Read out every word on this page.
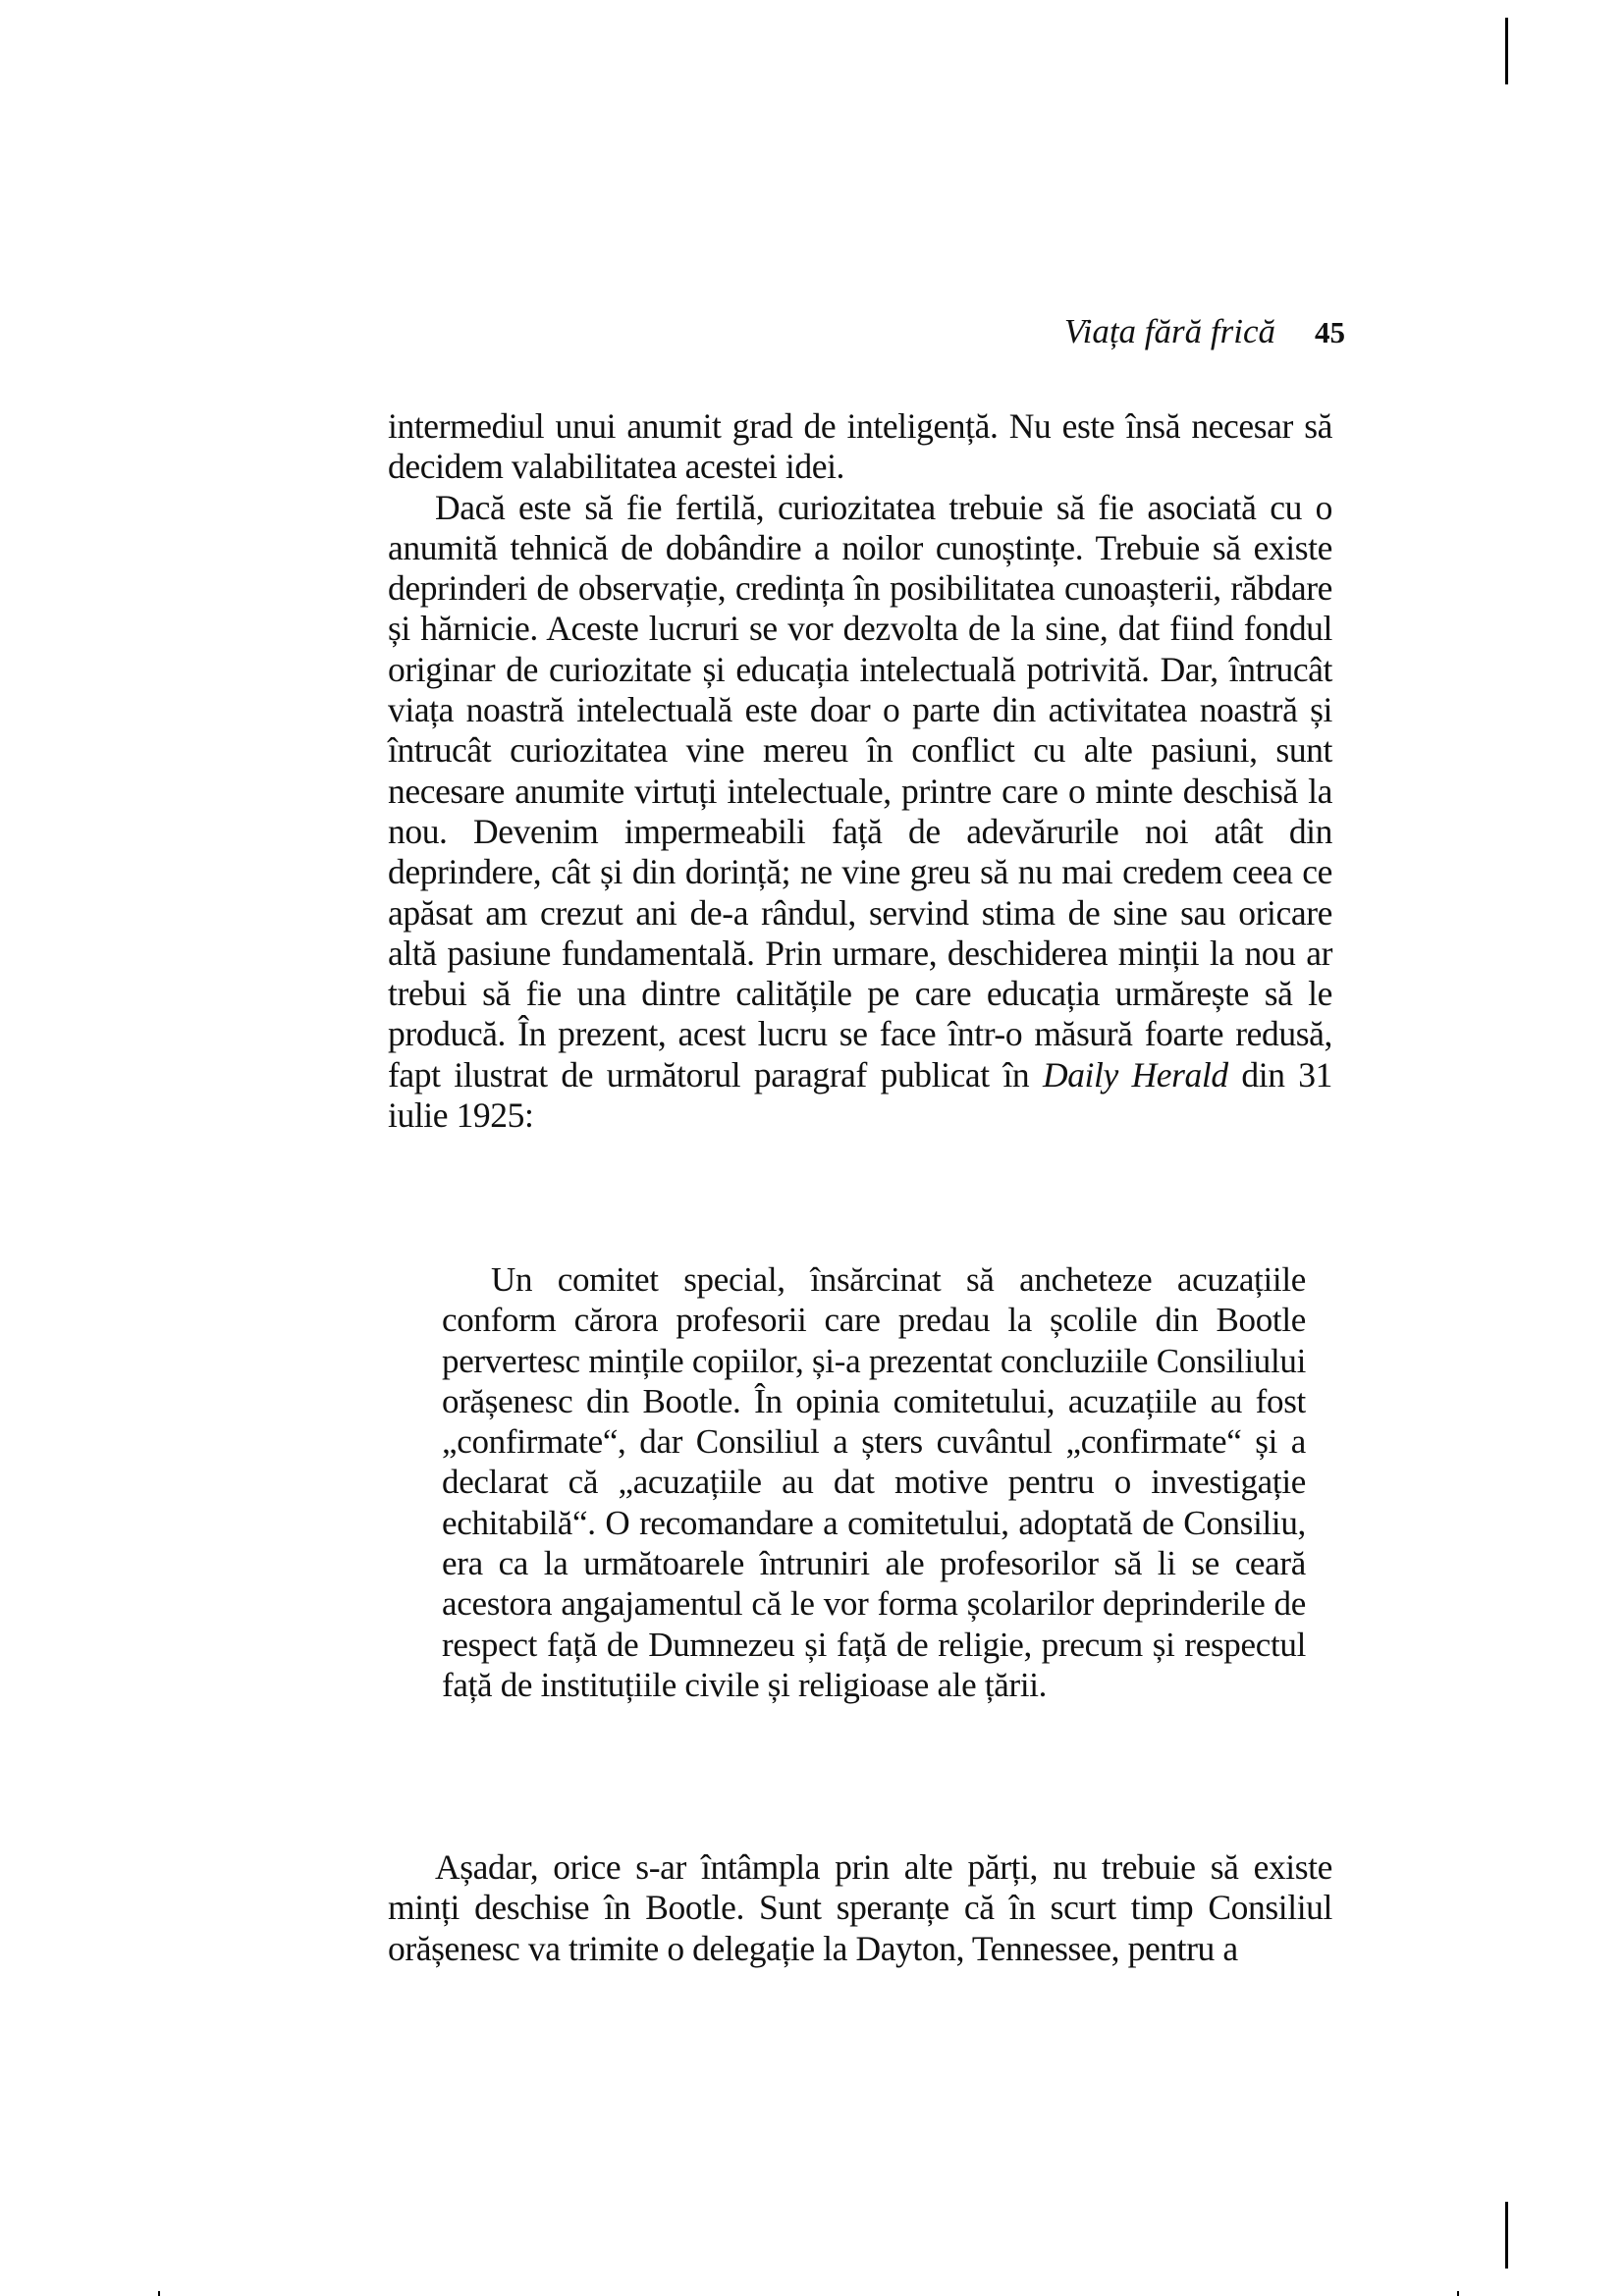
Viața fără frică 45

intermediul unui anumit grad de inteligență. Nu este însă necesar să decidem valabilitatea acestei idei.

Dacă este să fie fertilă, curiozitatea trebuie să fie asociată cu o anumită tehnică de dobândire a noilor cunoștințe. Trebuie să existe deprinderi de observație, credința în posibilitatea cunoașterii, răbdare și hărnicie. Aceste lucruri se vor dezvolta de la sine, dat fiind fondul originar de curiozitate și educația intelectuală potrivită. Dar, întrucât viața noastră intelectuală este doar o parte din activitatea noastră și întrucât curiozitatea vine mereu în conflict cu alte pasiuni, sunt necesare anumite virtuți intelectuale, printre care o minte deschisă la nou. Devenim impermeabili față de adevărurile noi atât din deprindere, cât și din dorință; ne vine greu să nu mai credem ceea ce apăsat am crezut ani de-a rândul, servind stima de sine sau oricare altă pasiune fundamentală. Prin urmare, deschiderea minții la nou ar trebui să fie una dintre calitățile pe care educația urmărește să le producă. În prezent, acest lucru se face într-o măsură foarte redusă, fapt ilustrat de următorul paragraf publicat în Daily Herald din 31 iulie 1925:

Un comitet special, însărcinat să ancheteze acuzațiile conform cărora profesorii care predau la școlile din Bootle pervertesc mințile copiilor, și-a prezentat concluziile Consiliului orășenesc din Bootle. În opinia comitetului, acuzațiile au fost „confirmate“, dar Consiliul a șters cuvântul „confirmate“ și a declarat că „acuzațiile au dat motive pentru o investigație echitabilă“. O recomandare a comitetului, adoptată de Consiliu, era ca la următoarele întruniri ale profesorilor să li se ceară acestora angajamentul că le vor forma școlarilor deprinderile de respect față de Dumnezeu și față de religie, precum și respectul față de instituțiile civile și religioase ale țării.

Așadar, orice s-ar întâmpla prin alte părți, nu trebuie să existe minți deschise în Bootle. Sunt speranțe că în scurt timp Consiliul orășenesc va trimite o delegație la Dayton, Tennessee, pentru a
